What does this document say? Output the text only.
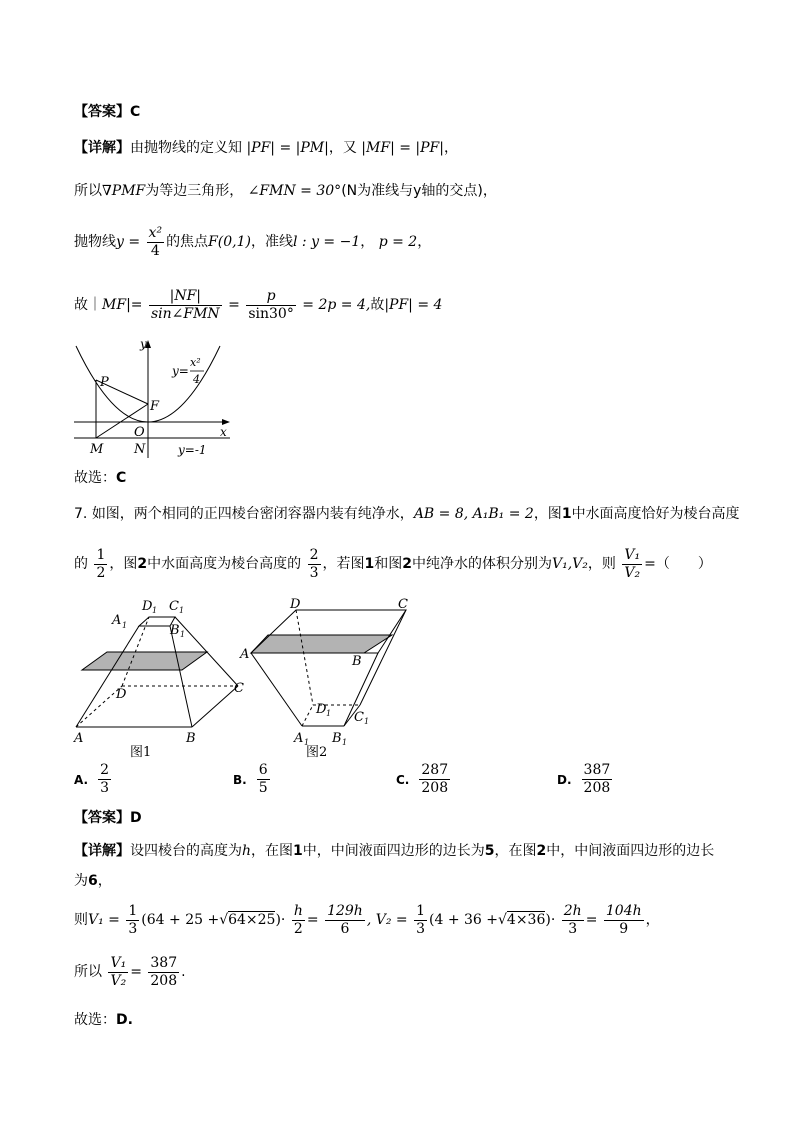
【答案】C
【详解】由抛物线的定义知 |PF| = |PM|，又 |MF| = |PF|，
所以∇PMF为等边三角形， ∠FMN = 30°(N为准线与y轴的交点)，
抛物线$y = \frac{\text{x²}}{4}$ 的焦点F(0,1)，准线l : y = −1， p = 2，
故｜MF|= $\frac{|NF|}{\text{sin∠FMN}} = \frac{p}{\sin 30^\circ} = 2p = 4$,故|PF| = 4
y
x
P
F
O
M N
y=
x²
4
y=-1
故选：C
7. 如图，两个相同的正四棱台密闭容器内装有纯净水，AB = 8, A₁B₁ = 2，图1中水面高度恰好为棱台高度
的 $\frac{1}{2}$ ，图2中水面高度为棱台高度的 $\frac{2}{3}$ ，若图1和图2中纯净水的体积分别为V₁,V₂，则 $\frac{\text{V₁}}{\text{V₂}}$ =（　　）
A	B
C
D
A 1	B 1
C 1
D 1
图1
D	C
A	B
D 1 C 1
A 1 B 1
图2
A. $\frac{2}{3}$	B. $\frac{6}{5}$	C. $\frac{287}{208}$	D. $\frac{387}{208}$
【答案】D
【详解】设四棱台的高度为h，在图1中，中间液面四边形的边长为5，在图2中，中间液面四边形的边长
为6，
则$V_1 = \frac{1}{3} (64 + 25 +√64\times 25)\cdot \frac{h}{2} = \frac{129h}{6}$ , $V_2 = \frac{1}{3} (4 + 36 +√4\times 36)\cdot \frac{2h}{3} = \frac{104h}{9}$ ，
所以 $\frac{\text{V₁}}{\text{V₂}} = \frac{387}{208}$ .
故选：D.
